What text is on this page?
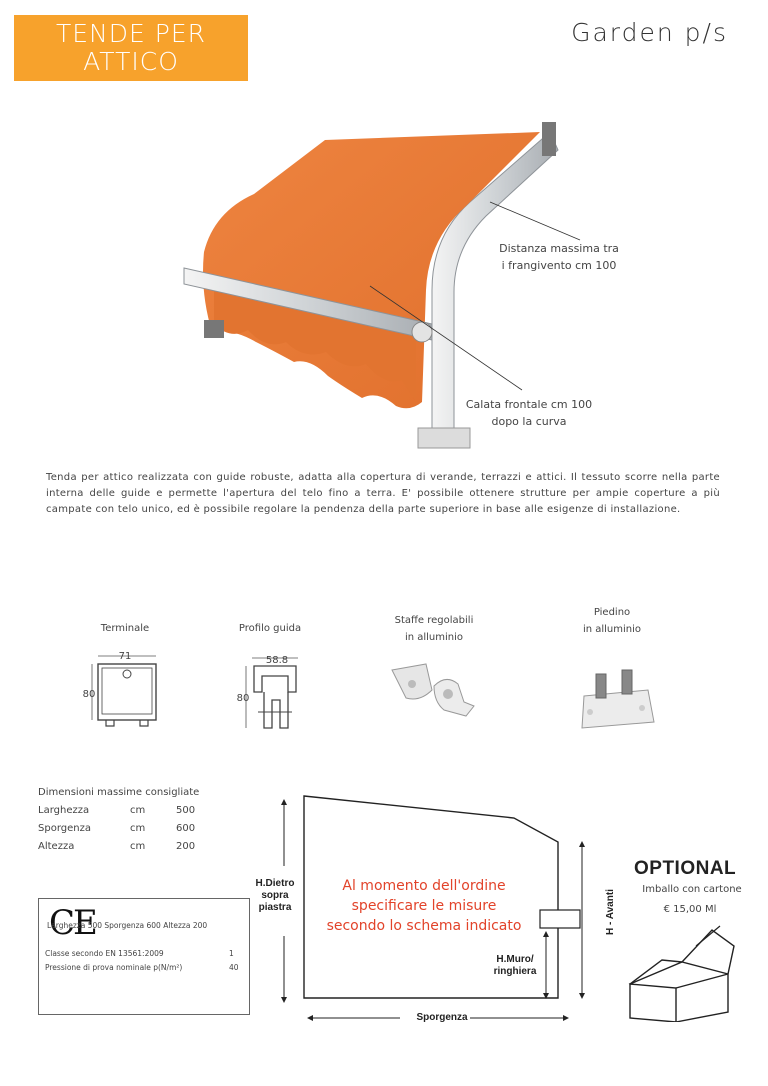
TENDE PER
ATTICO
Garden p/s
Distanza massima tra
i frangivento cm 100
Calata frontale cm 100
dopo la curva
Tenda per attico realizzata con guide robuste, adatta alla copertura di verande, terrazzi e attici. Il tessuto scorre nella parte interna delle guide e permette l'apertura del telo fino a terra. E' possibile ottenere strutture per ampie coperture a più campate con telo unico, ed è possibile regolare la pendenza della parte superiore in base alle esigenze di installazione.
Terminale
71
80
Profilo guida
58.8
80
Staffe regolabili
in alluminio
Piedino
in alluminio
Dimensioni massime consigliate
Larghezza	cm	500
Sporgenza	cm	600
Altezza	cm	200
CE
Larghezza 500 Sporgenza 600 Altezza 200
Classe secondo EN 13561:2009	1
Pressione di prova nominale p(N/m²)	40
H.Dietro
sopra
piastra
Al momento dell'ordine
specificare le misure
secondo lo schema indicato
H.Muro/
ringhiera
H - Avanti
Sporgenza
OPTIONAL
Imballo con cartone
€ 15,00 Ml
